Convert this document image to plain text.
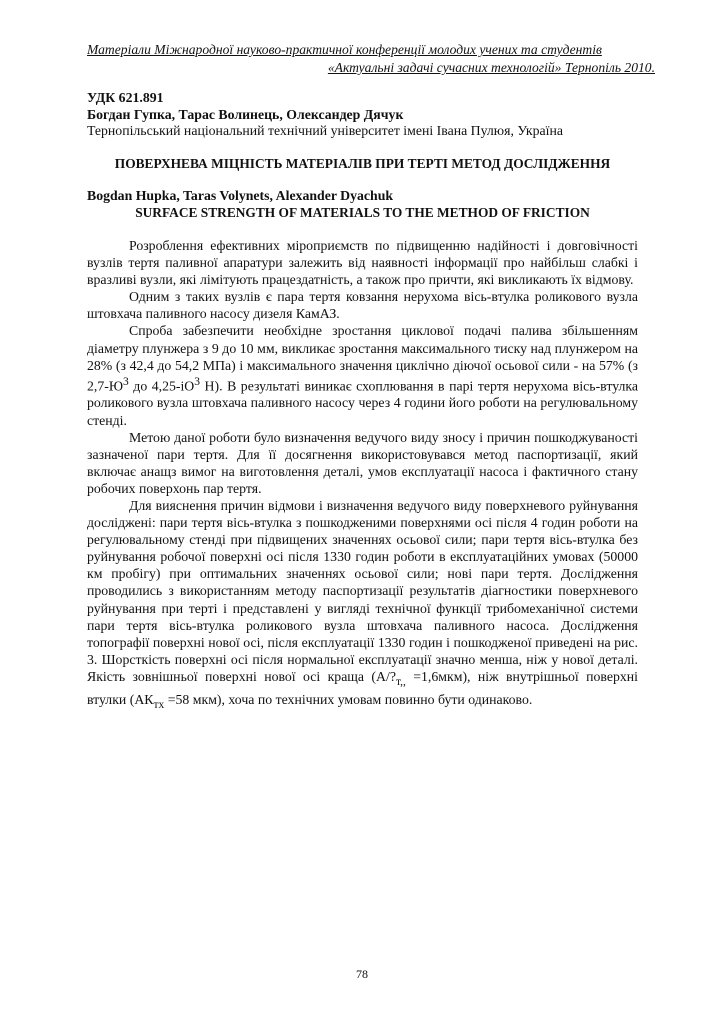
Матеріали Міжнародної науково-практичної конференції молодих учених та студентів
«Актуальні задачі сучасних технологій» Тернопіль 2010.
УДК 621.891
Богдан Гупка, Тарас Волинець, Олександер Дячук
Тернопільський національний технічний університет імені Івана Пулюя, Україна
ПОВЕРХНЕВА МІЦНІСТЬ МАТЕРІАЛІВ ПРИ ТЕРТІ МЕТОД ДОСЛІДЖЕННЯ
Bogdan Hupka, Taras Volynets, Alexander Dyachuk
SURFACE STRENGTH OF MATERIALS TO THE METHOD OF FRICTION

Розроблення ефективних міроприємств по підвищенню надійності і довговічності вузлів тертя паливної апаратури залежить від наявності інформації про найбільш слабкі і вразливі вузли, які лімітують працездатність, а також про причти, які викликають їх відмову.

Одним з таких вузлів є пара тертя ковзання нерухома вісь-втулка роликового вузла штовхача паливного насосу дизеля КамАЗ.

Спроба забезпечити необхідне зростання циклової подачі палива збільшенням діаметру плунжера з 9 до 10 мм, викликає зростання максимального тиску над плунжером на 28% (з 42,4 до 54,2 МПа) і максимального значення циклічно діючої осьової сили - на 57% (з $2,7-Ю^3$ до $4,25-іО^3$ Н). В результаті виникає схоплювання в парі тертя нерухома вісь-втулка роликового вузла штовхача паливного насосу через 4 години його роботи на регулювальному стенді.

Метою даної роботи було визначення ведучого виду зносу і причин пошкоджуваності зазначеної пари тертя. Для її досягнення використовувався метод паспортизації, який включає анащз вимог на виготовлення деталі, умов експлуатації насоса і фактичного стану робочих поверхонь пар тертя.

Для вияснення причин відмови і визначення ведучого виду поверхневого руйнування досліджені: пари тертя вісь-втулка з пошкодженими поверхнями осі після 4 годин роботи на регулювальному стенді при підвищених значеннях осьової сили; пари тертя вісь-втулка без руйнування робочої поверхні осі після 1330 годин роботи в експлуатаційних умовах (50000 км пробігу) при оптимальних значеннях осьової сили; нові пари тертя. Дослідження проводились з використанням методу паспортизації результатів діагностики поверхневого руйнування при терті і представлені у вигляді технічної функції трибомеханічної системи пари тертя вісь-втулка роликового вузла штовхача паливного насоса. Дослідження топографії поверхні нової осі, після експлуатації 1330 годин і пошкодженої приведені на рис. 3. Шорсткість поверхні осі після нормальної експлуатації значно менша, ніж у нової деталі. Якість зовнішньої поверхні нової осі краща $(А/?_{т,,} =1,6мкм)$, ніж внутрішньої поверхні втулки ($АК_{тх} =58$ мкм), хоча по технічних умовам повинно бути одинаково.

78
